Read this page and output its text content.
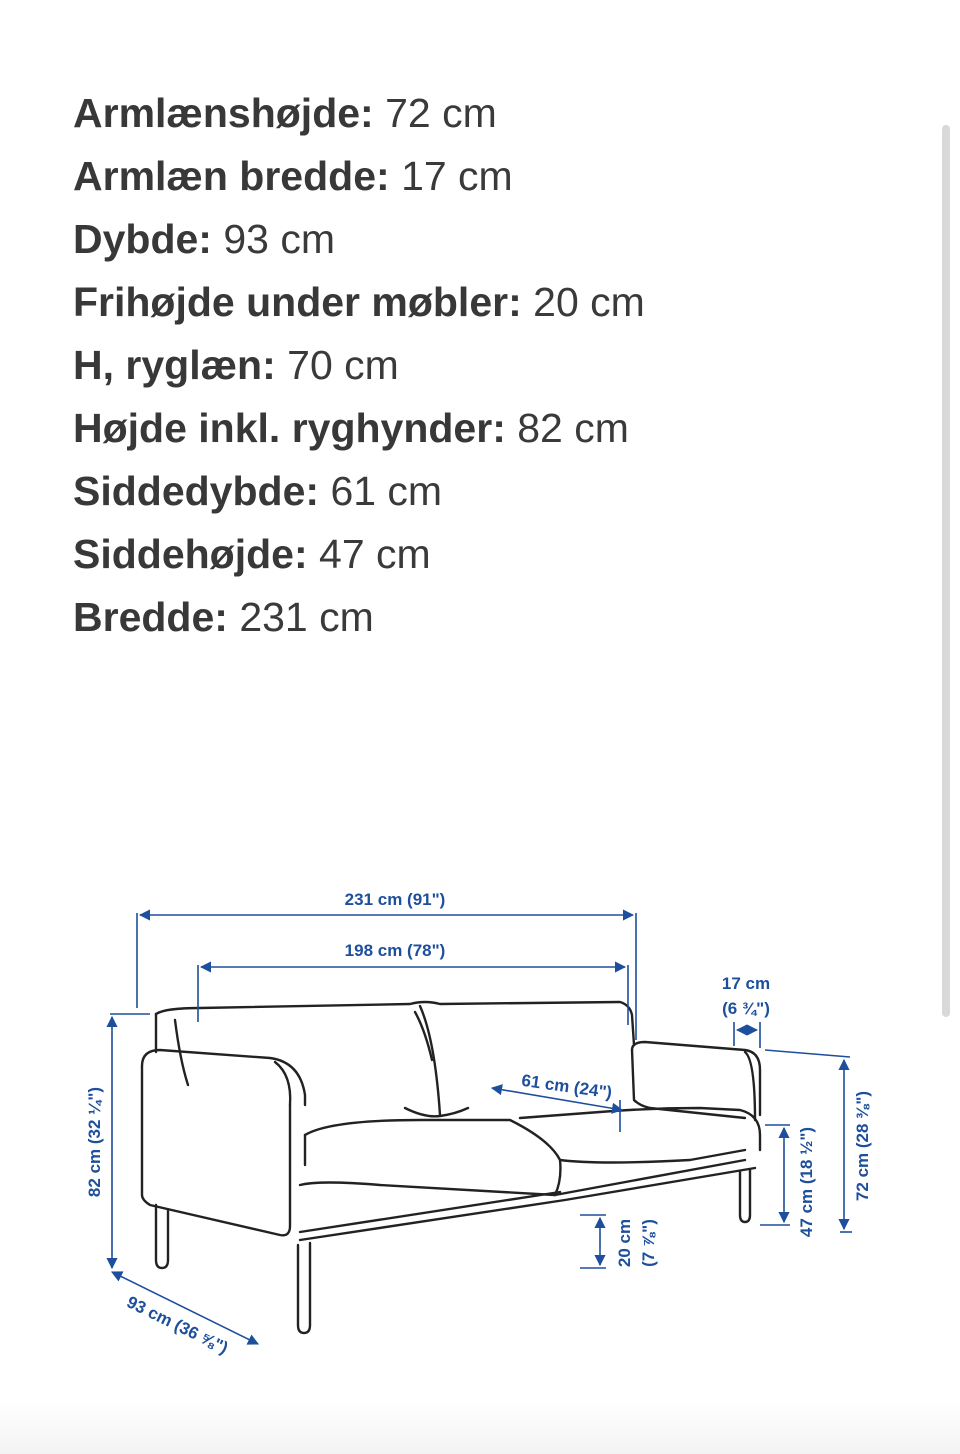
Armlænshøjde: 72 cm
Armlæn bredde: 17 cm
Dybde: 93 cm
Frihøjde under møbler: 20 cm
H, ryglæn: 70 cm
Højde inkl. ryghynder: 82 cm
Siddedybde: 61 cm
Siddehøjde: 47 cm
Bredde: 231 cm
231 cm (91")
198 cm (78")
17 cm
(6 ¾")
61 cm (24")
82 cm (32 ¼")
93 cm (36 ⅝")
20 cm (7 ⅞")
47 cm (18 ½") 72 cm (28 ⅜")
